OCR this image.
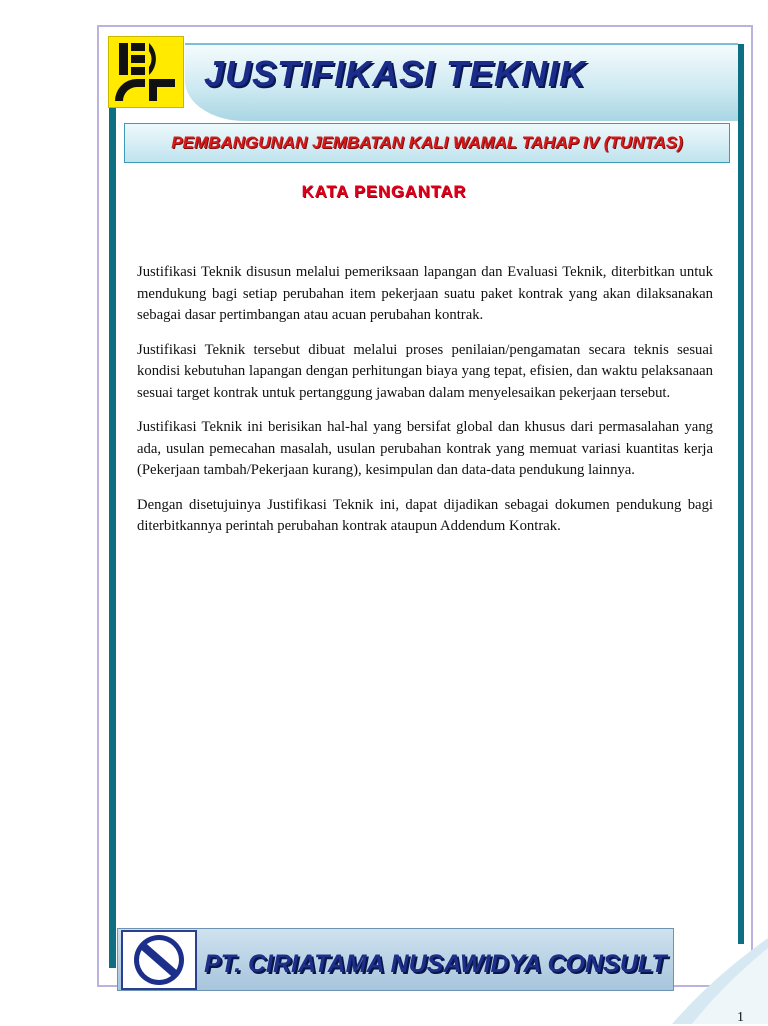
JUSTIFIKASI TEKNIK
PEMBANGUNAN JEMBATAN KALI WAMAL TAHAP IV (TUNTAS)
KATA PENGANTAR

Justifikasi Teknik disusun melalui pemeriksaan lapangan dan Evaluasi Teknik, diterbitkan untuk mendukung bagi setiap perubahan item pekerjaan suatu paket kontrak yang akan dilaksanakan sebagai dasar pertimbangan atau acuan perubahan kontrak.

Justifikasi Teknik tersebut dibuat melalui proses penilaian/pengamatan secara teknis sesuai kondisi kebutuhan lapangan dengan perhitungan biaya yang tepat, efisien, dan waktu pelaksanaan sesuai target kontrak untuk pertanggung jawaban dalam menyelesaikan pekerjaan tersebut.

Justifikasi Teknik ini berisikan hal-hal yang bersifat global dan khusus dari permasalahan yang ada, usulan pemecahan masalah, usulan perubahan kontrak yang memuat variasi kuantitas kerja (Pekerjaan tambah/Pekerjaan kurang), kesimpulan dan data-data pendukung lainnya.

Dengan disetujuinya Justifikasi Teknik ini, dapat dijadikan sebagai dokumen pendukung bagi diterbitkannya perintah perubahan kontrak ataupun Addendum Kontrak.

PT. CIRIATAMA NUSAWIDYA CONSULT

1
